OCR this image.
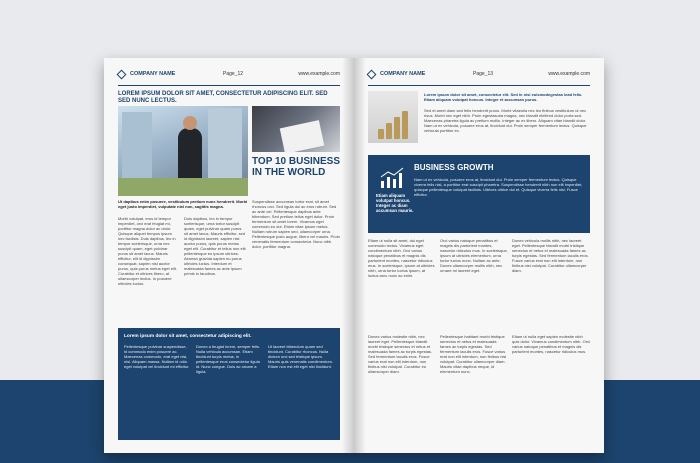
COMPANY NAME	Page_12	www.example.com
LOREM IPSUM DOLOR SIT AMET, CONSECTETUR ADIPISCING ELIT. SED SED NUNC LECTUS.
TOP 10 BUSINESS IN THE WORLD
Ut dapibus enim posuere, vestibulum pretium nunc hendrerit. Morbi eget justo imperdiet, vulputate nisl non, sagittis magna.
Morbi volutpat, eros id tempor imperdiet, orci erat feugiat mi, porttitor magna dolor ac dolor. Quisque aliquet tempus ipsum nec facilisis. Duis dapibus, leo in tempor scelerisque, urna nec suscipit quam, eget pulvinar purus sit amet lacus. Mauris efficitur, elit id dignissim consequat, sapien nisl auctor purus, quis purus metus eget elit. Curabitur et ultrices libero, at ullamcorper lectus. In posuere ultricies luctus.
Duis dapibus, leo in tempor scelerisque, urna tortor suscipit quam, eget pulvinar quam purus sit amet lacus. Mauris efficitur, sed id dignissim laoreet, sapien nisl auctor purus, quis purus metus eget elit. Curabitur et tellus non elit pellentesque eu ipsum ultrices. Aenean gravida sapien eu purus ultricies luctus. Interdum et malesuada fames ac ante ipsum primis in faucibus.
Suspendisse accumsan tortor erat, sit amet rhoncus orci. Sed ligula dui ac eros rutrum. Sed ac ante vel. Pellentesque dapibus ante bibendum. Sed pretium tellus eget dolor. Proin fermentum sit amet lorem. Vivamus eget commodo eu dui. Etiam vitae ipsum metus. Nullam rutrum sapien sed, ullamcorper urna. Pellentesque justo augue, libero vel mauris. Proin venenatis fermentum consectetur. Nunc nibh dolor, porttitor magna.
Lorem ipsum dolor sit amet, consectetur adipiscing elit.
Pellentesque pulvinar suspendisse, id commodo enim posuere ac. Maecenas commodo, erat eget nisi, nisl. Aliquam massa. Nullam id odio eget volutpat vel tincidunt mi efficitur.
Donec a feugiat lorem, semper fells. Nulla vehicula accumsan. Etiam tincidunt turpis metus, in pellentesque eros consectetur ligula id. Nunc congue. Duis ac ornare a ligula.
Ut laoreet bibendum quam sed tincidunt. Curabitur rhoncus. Nulla dictum orci sed tristique ipsum. Mauris quis venenatis condimentum. Etiam non est elit eget nisl tincidunt.
COMPANY NAME	Page_13	www.example.com
Lorem ipsum dolor sit amet, consectetur elit. Sed in nisl euismodegestas lead felis. Etiam aliquam volutpat honcus. Integer et accumsan purus.
Sed et amet diam sed felis hendrerit purus. Morbi vitaeulla nec leo finibus vestibulum ut nec risus. Morbi nec eget nibh. Proin egestasuria magna, nec blandit eleifend dolor porta sed. Maecenas pharetra ligula ac pretium mollis. Integer ac ex libero. Aliquam vitae blandit dolor. Nam ut ex vehicula, posuere eros at, tincidunt dui. Proin semper fermentum lectus. Quisque vehicula porttitor ex.
BUSINESS GROWTH
Etiam aliquam volutpat honcus. Integer ac diam accumsan mauris.
Nam ut ex vehicula, posuere eros at, tincidunt dui. Proin semper fermentum lectus. Quisque viverra felis nisl, a porttitor erat suscipit pharetra. Suspendisse hendrerit nibh non elit imperdiet, quisque pellentesque volutpat facilisis. Ultrices ultrice dui et. Quisque viverra felis nisl. Fusce efficitur.
Etiam ut nulla sit amet, dui eget commodo lectus. Vivamus eget condimentum nibh. Orci varius natoque penatibus et magnis dis parturient montes, nascetur ridiculus mus. In scelerisque, ipsum at ultricies nibh, urna tortor luctus ipsum, at luctus arcu nunc ac enim.
Orci varius natoque penatibus et magnis dis parturient montes, nascetur ridiculus mus. In scelerisque, ipsum at ultricies elementum, urna tortor luctus nunc. Nullam ac ante. Donec ullamcorper mollis nibh, nec ornare mi laoreet eget.
Donec vehicula mollis nibh, nec laoreet eget. Pellentesque blandit morbi tristique senectus et netus et malesuada fames ac turpis egestas. Sed fermentum iaculis eros. Fusce varius erat non elit interdum, non finibus nisi volutpat. Curabitur ullamcorper diam.
Donec varius molestie nibh, nec laoreet eget. Pellentesque blandit morbi tristique senectus et netus et malesuada fames ac turpis egestas. Sed fermentum iaculis eros. Fusce varius erat non elit interdum, non finibus nisi volutpat. Curabitur eu ullamcorper diam.
Pellentesque habitant morbi tristique senectus et netus et malesuada fames ac turpis egestas. Sed fermentum iaculis eros. Fusce varius erat non elit interdum, non finibus nisi volutpat. Curabitur ullamcorper diam. Mauris vitae dapibus neque, id elementum nunc.
Etiam ut nulla eget sapien molestie nibh quis dolor. Vivamus condimentum nibh. Orci varius natoque penatibus et magnis dis parturient montes, nascetur ridiculus mus.
